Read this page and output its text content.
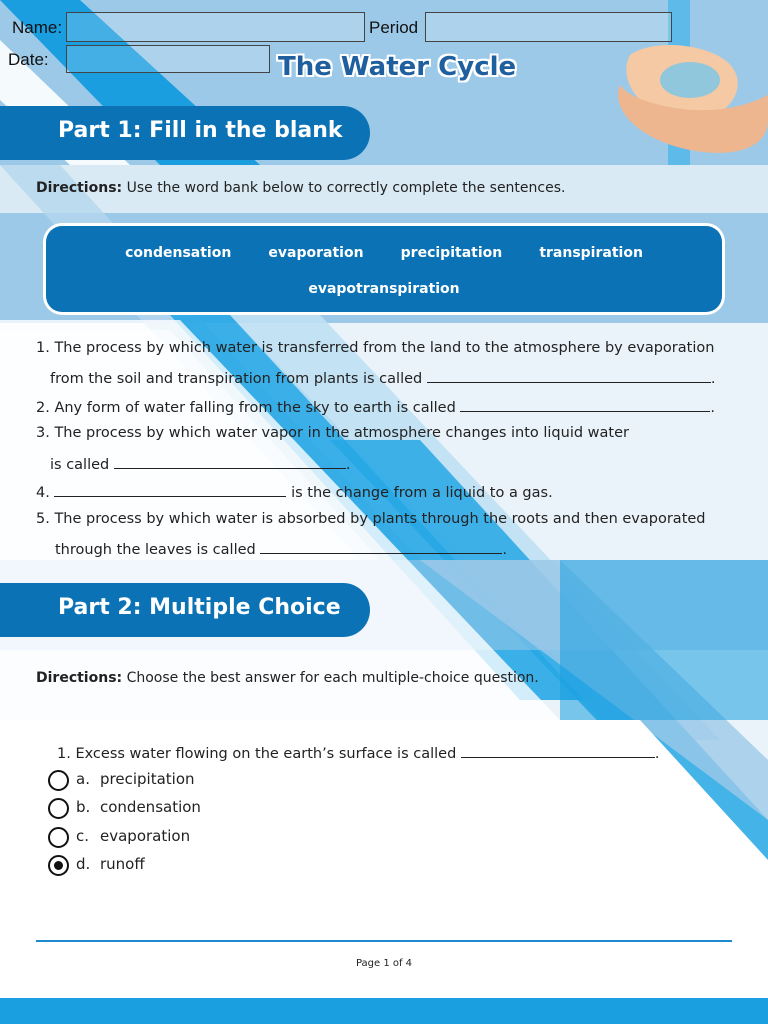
Name:	Period
Date:	The Water Cycle
Part 1: Fill in the blank
Directions: Use the word bank below to correctly complete the sentences.
condensation	evaporation	precipitation	transpiration
evapotranspiration
1. The process by which water is transferred from the land to the atmosphere by evaporation
from the soil and transpiration from plants is called	.
2. Any form of water falling from the sky to earth is called	.
3. The process by which water vapor in the atmosphere changes into liquid water
is called	.
4.	is the change from a liquid to a gas.
5. The process by which water is absorbed by plants through the roots and then evaporated
through the leaves is called	.
Part 2: Multiple Choice
Directions: Choose the best answer for each multiple-choice question.
1. Excess water flowing on the earth’s surface is called	.
a. precipitation
b. condensation
c. evaporation
d. runoff
Page 1 of 4
